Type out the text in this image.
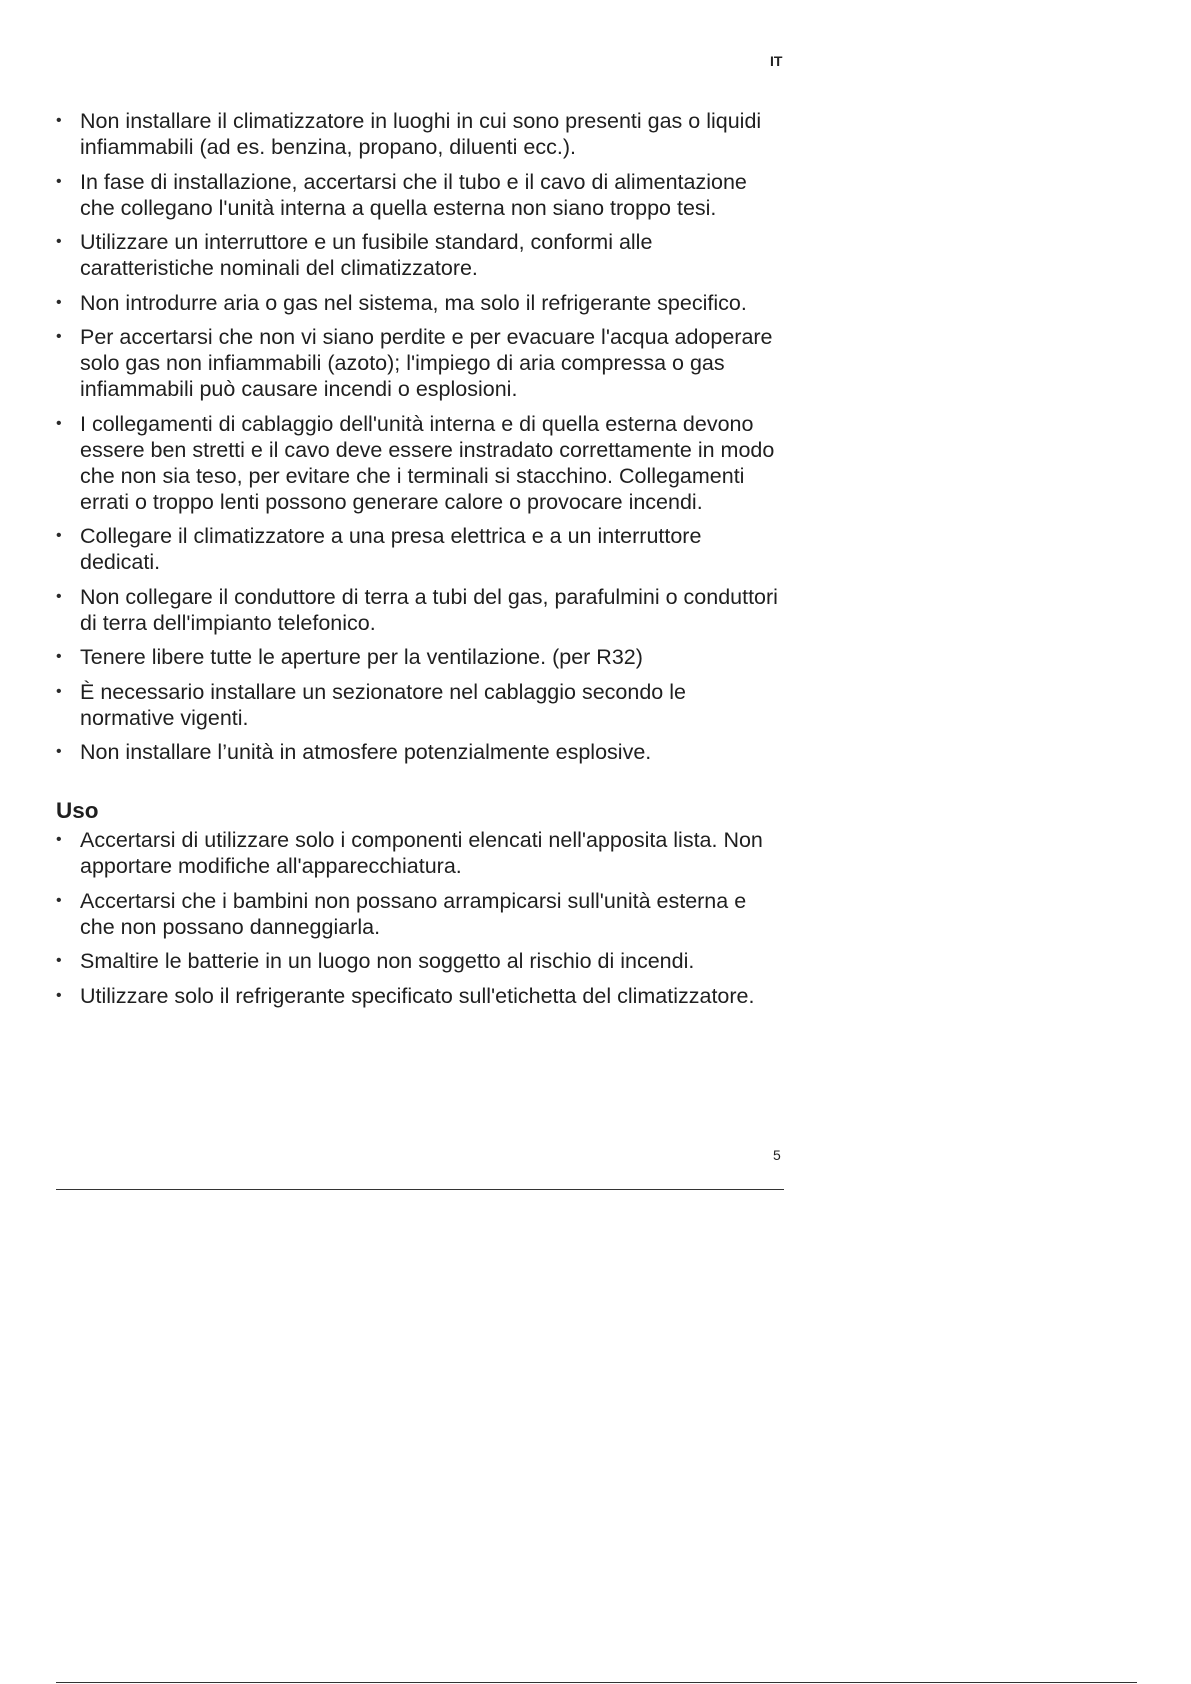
IT
• Non installare il climatizzatore in luoghi in cui sono presenti gas o liquidi infiammabili (ad es. benzina, propano, diluenti ecc.).
• In fase di installazione, accertarsi che il tubo e il cavo di alimentazione che collegano l'unità interna a quella esterna non siano troppo tesi.
• Utilizzare un interruttore e un fusibile standard, conformi alle caratteristiche nominali del climatizzatore.
• Non introdurre aria o gas nel sistema, ma solo il refrigerante specifico.
• Per accertarsi che non vi siano perdite e per evacuare l'acqua adoperare solo gas non infiammabili (azoto); l'impiego di aria compressa o gas infiammabili può causare incendi o esplosioni.
• I collegamenti di cablaggio dell'unità interna e di quella esterna devono essere ben stretti e il cavo deve essere instradato correttamente in modo che non sia teso, per evitare che i terminali si stacchino. Collegamenti errati o troppo lenti possono generare calore o provocare incendi.
• Collegare il climatizzatore a una presa elettrica e a un interruttore dedicati.
• Non collegare il conduttore di terra a tubi del gas, parafulmini o conduttori di terra dell'impianto telefonico.
• Tenere libere tutte le aperture per la ventilazione. (per R32)
• È necessario installare un sezionatore nel cablaggio secondo le normative vigenti.
• Non installare l’unità in atmosfere potenzialmente esplosive.
Uso
• Accertarsi di utilizzare solo i componenti elencati nell'apposita lista. Non apportare modifiche all'apparecchiatura.
• Accertarsi che i bambini non possano arrampicarsi sull'unità esterna e che non possano danneggiarla.
• Smaltire le batterie in un luogo non soggetto al rischio di incendi.
• Utilizzare solo il refrigerante specificato sull'etichetta del climatizzatore.
5
